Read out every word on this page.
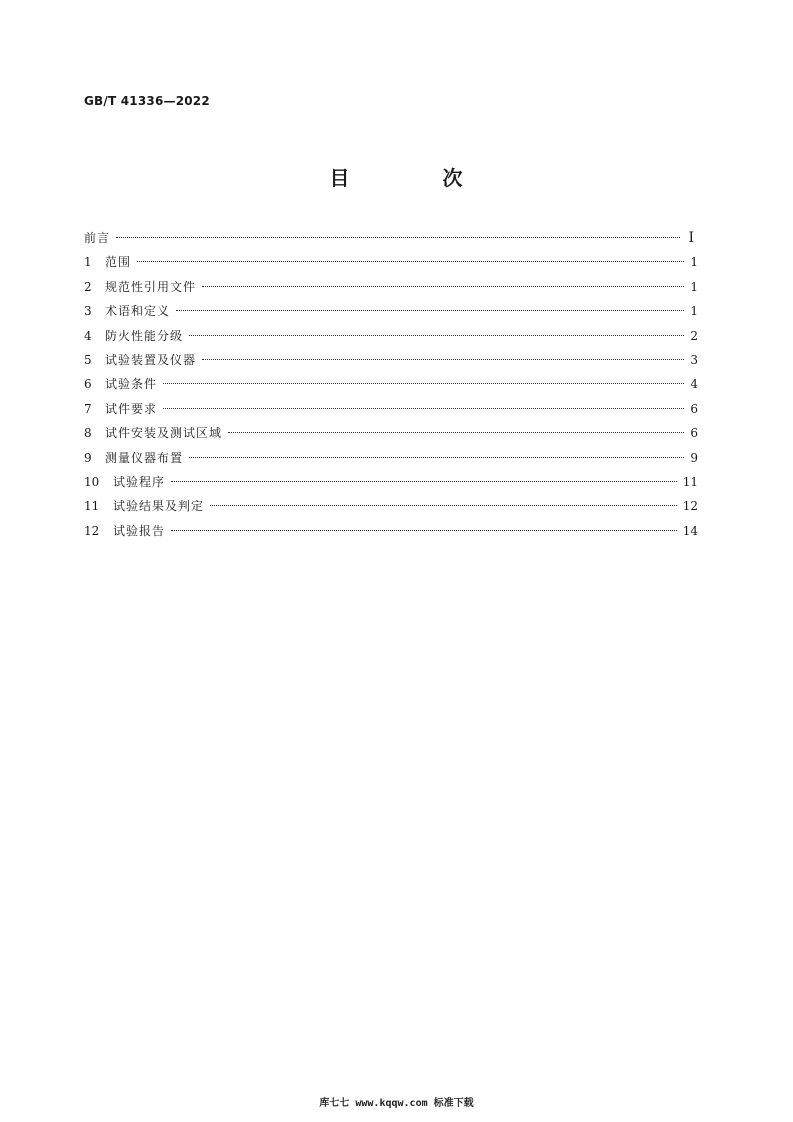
GB/T 41336—2022
目	次
前言	Ⅰ
1	范围	1
2	规范性引用文件	1
3	术语和定义	1
4	防火性能分级	2
5	试验装置及仪器	3
6	试验条件	4
7	试件要求	6
8	试件安装及测试区域	6
9	测量仪器布置	9
10	试验程序	11
11	试验结果及判定	12
12	试验报告	14
库七七 www.kqqw.com 标准下载
